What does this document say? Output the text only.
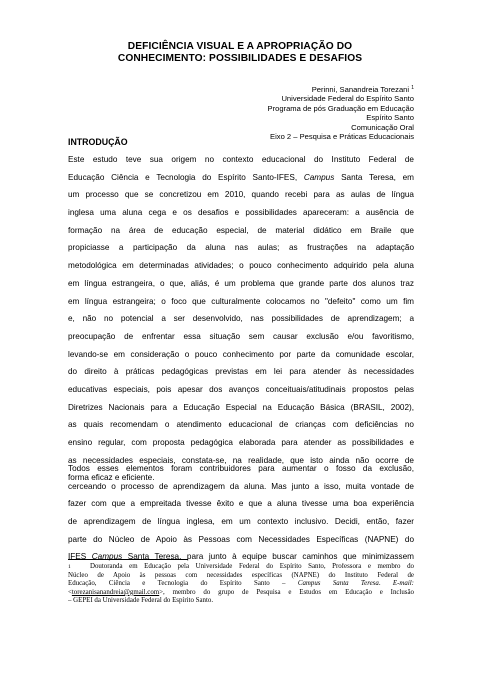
DEFICIÊNCIA VISUAL E A APROPRIAÇÃO DO
CONHECIMENTO: POSSIBILIDADES E DESAFIOS
Perinni, Sanandreia Torezani $^1$
Universidade Federal do Espírito Santo
Programa de pós Graduação em Educação
Espírito Santo
Comunicação Oral
Eixo 2 – Pesquisa e Práticas Educacionais
INTRODUÇÃO
Este estudo teve sua origem no contexto educacional do Instituto Federal de
Educação Ciência e Tecnologia do Espírito Santo-IFES, Campus Santa Teresa, em
um processo que se concretizou em 2010, quando recebi para as aulas de língua
inglesa uma aluna cega e os desafios e possibilidades apareceram: a ausência de
formação na área de educação especial, de material didático em Braile que
propiciasse a participação da aluna nas aulas; as frustrações na adaptação
metodológica em determinadas atividades; o pouco conhecimento adquirido pela aluna
em língua estrangeira, o que, aliás, é um problema que grande parte dos alunos traz
em língua estrangeira; o foco que culturalmente colocamos no "defeito" como um fim
e, não no potencial a ser desenvolvido, nas possibilidades de aprendizagem; a
preocupação de enfrentar essa situação sem causar exclusão e/ou favoritismo,
levando-se em consideração o pouco conhecimento por parte da comunidade escolar,
do direito à práticas pedagógicas previstas em lei para atender às necessidades
educativas especiais, pois apesar dos avanços conceituais/atitudinais propostos pelas
Diretrizes Nacionais para a Educação Especial na Educação Básica (BRASIL, 2002),
as quais recomendam o atendimento educacional de crianças com deficiências no
ensino regular, com proposta pedagógica elaborada para atender as possibilidades e
as necessidades especiais, constata-se, na realidade, que isto ainda não ocorre de
forma eficaz e eficiente.
Todos esses elementos foram contribuidores para aumentar o fosso da exclusão,
cerceando o processo de aprendizagem da aluna. Mas junto a isso, muita vontade de
fazer com que a empreitada tivesse êxito e que a aluna tivesse uma boa experiência
de aprendizagem de língua inglesa, em um contexto inclusivo. Decidi, então, fazer
parte do Núcleo de Apoio às Pessoas com Necessidades Específicas (NAPNE) do
IFES Campus Santa Teresa, para junto à equipe buscar caminhos que minimizassem
1	Doutoranda em Educação pela Universidade Federal do Espírito Santo, Professora e membro do
Núcleo de Apoio às pessoas com necessidades específicas (NAPNE) do Instituto Federal de
Educação, Ciência e Tecnologia do Espírito Santo – Campus Santa Teresa. E-mail:
<torezanisanandreia@gmail.com>, membro do grupo de Pesquisa e Estudos em Educação e Inclusão
– GEPEI da Universidade Federal do Espírito Santo.
